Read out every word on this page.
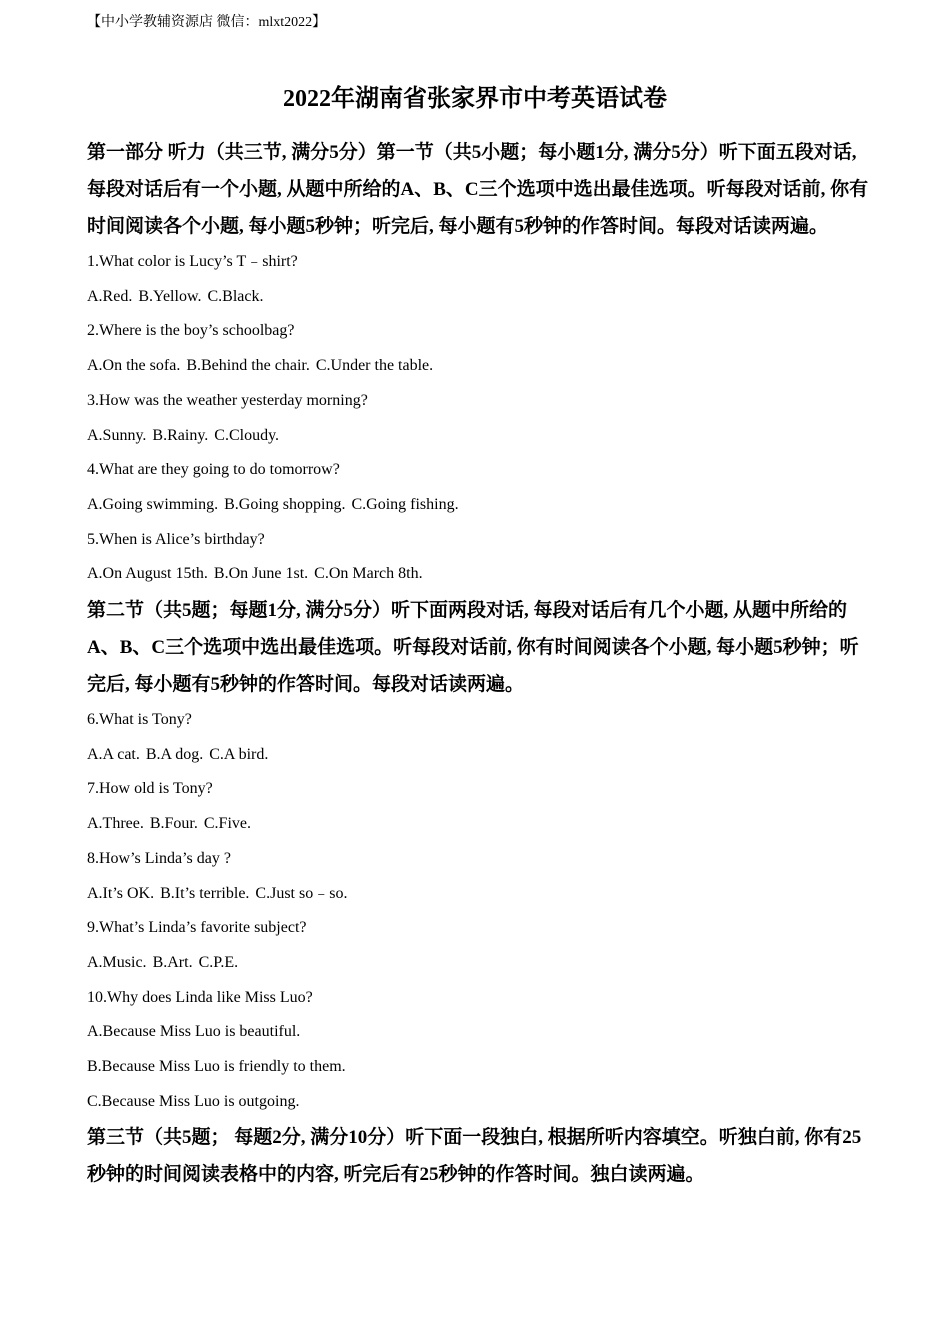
【中小学教辅资源店 微信：mlxt2022】
2022年湖南省张家界市中考英语试卷

第一部分 听力（共三节, 满分5分）第一节（共5小题；每小题1分, 满分5分）听下面五段对话, 每段对话后有一个小题, 从题中所给的A、B、C三个选项中选出最佳选项。听每段对话前, 你有时间阅读各个小题, 每小题5秒钟；听完后, 每小题有5秒钟的作答时间。每段对话读两遍。

1.What color is Lucy’s T﹣shirt?

A.Red. B.Yellow. C.Black.

2.Where is the boy’s schoolbag?

A.On the sofa. B.Behind the chair. C.Under the table.

3.How was the weather yesterday morning?

A.Sunny. B.Rainy. C.Cloudy.

4.What are they going to do tomorrow?

A.Going swimming. B.Going shopping. C.Going fishing.

5.When is Alice’s birthday?

A.On August 15th. B.On June 1st. C.On March 8th.

第二节（共5题；每题1分, 满分5分）听下面两段对话, 每段对话后有几个小题, 从题中所给的A、B、C三个选项中选出最佳选项。听每段对话前, 你有时间阅读各个小题, 每小题5秒钟；听完后, 每小题有5秒钟的作答时间。每段对话读两遍。

6.What is Tony?

A.A cat. B.A dog. C.A bird.

7.How old is Tony?

A.Three. B.Four. C.Five.

8.How’s Linda’s day ?

A.It’s OK. B.It’s terrible. C.Just so﹣so.

9.What’s Linda’s favorite subject?

A.Music. B.Art. C.P.E.

10.Why does Linda like Miss Luo?

A.Because Miss Luo is beautiful.

B.Because Miss Luo is friendly to them.

C.Because Miss Luo is outgoing.

第三节（共5题； 每题2分, 满分10分）听下面一段独白, 根据所听内容填空。听独白前, 你有25秒钟的时间阅读表格中的内容, 听完后有25秒钟的作答时间。独白读两遍。
